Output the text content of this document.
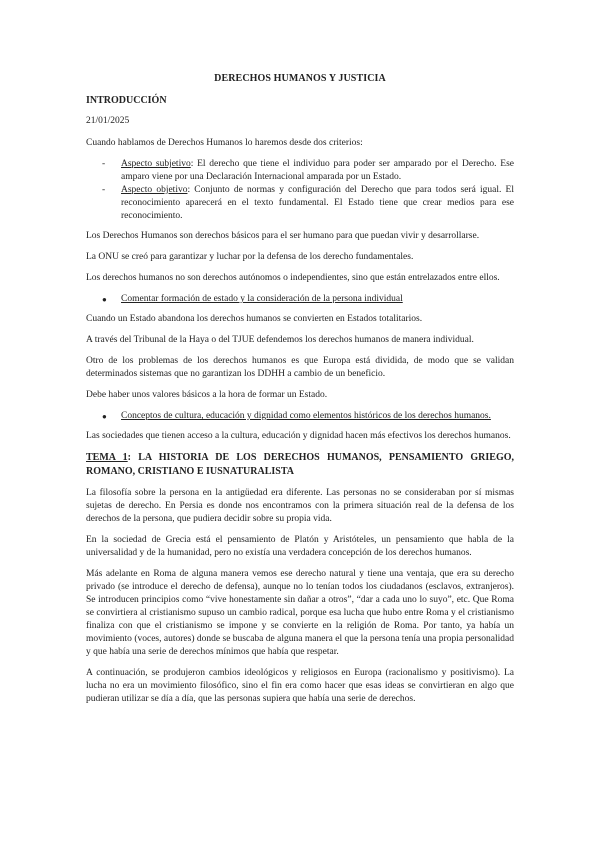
DERECHOS HUMANOS Y JUSTICIA
INTRODUCCIÓN
21/01/2025

Cuando hablamos de Derechos Humanos lo haremos desde dos criterios:

- Aspecto subjetivo: El derecho que tiene el individuo para poder ser amparado por el Derecho. Ese amparo viene por una Declaración Internacional amparada por un Estado.
- Aspecto objetivo: Conjunto de normas y configuración del Derecho que para todos será igual. El reconocimiento aparecerá en el texto fundamental. El Estado tiene que crear medios para ese reconocimiento.

Los Derechos Humanos son derechos básicos para el ser humano para que puedan vivir y desarrollarse.

La ONU se creó para garantizar y luchar por la defensa de los derecho fundamentales.

Los derechos humanos no son derechos autónomos o independientes, sino que están entrelazados entre ellos.

● Comentar formación de estado y la consideración de la persona individual

Cuando un Estado abandona los derechos humanos se convierten en Estados totalitarios.

A través del Tribunal de la Haya o del TJUE defendemos los derechos humanos de manera individual.

Otro de los problemas de los derechos humanos es que Europa está dividida, de modo que se validan determinados sistemas que no garantizan los DDHH a cambio de un beneficio.

Debe haber unos valores básicos a la hora de formar un Estado.

● Conceptos de cultura, educación y dignidad como elementos históricos de los derechos humanos.

Las sociedades que tienen acceso a la cultura, educación y dignidad hacen más efectivos los derechos humanos.

TEMA 1: LA HISTORIA DE LOS DERECHOS HUMANOS, PENSAMIENTO GRIEGO, ROMANO, CRISTIANO E IUSNATURALISTA

La filosofía sobre la persona en la antigüedad era diferente. Las personas no se consideraban por sí mismas sujetas de derecho. En Persia es donde nos encontramos con la primera situación real de la defensa de los derechos de la persona, que pudiera decidir sobre su propia vida.

En la sociedad de Grecia está el pensamiento de Platón y Aristóteles, un pensamiento que habla de la universalidad y de la humanidad, pero no existía una verdadera concepción de los derechos humanos.

Más adelante en Roma de alguna manera vemos ese derecho natural y tiene una ventaja, que era su derecho privado (se introduce el derecho de defensa), aunque no lo tenían todos los ciudadanos (esclavos, extranjeros). Se introducen principios como “vive honestamente sin dañar a otros”, “dar a cada uno lo suyo”, etc. Que Roma se convirtiera al cristianismo supuso un cambio radical, porque esa lucha que hubo entre Roma y el cristianismo finaliza con que el cristianismo se impone y se convierte en la religión de Roma. Por tanto, ya había un movimiento (voces, autores) donde se buscaba de alguna manera el que la persona tenía una propia personalidad y que había una serie de derechos mínimos que había que respetar.

A continuación, se produjeron cambios ideológicos y religiosos en Europa (racionalismo y positivismo). La lucha no era un movimiento filosófico, sino el fin era como hacer que esas ideas se convirtieran en algo que pudieran utilizar se día a día, que las personas supiera que había una serie de derechos.
